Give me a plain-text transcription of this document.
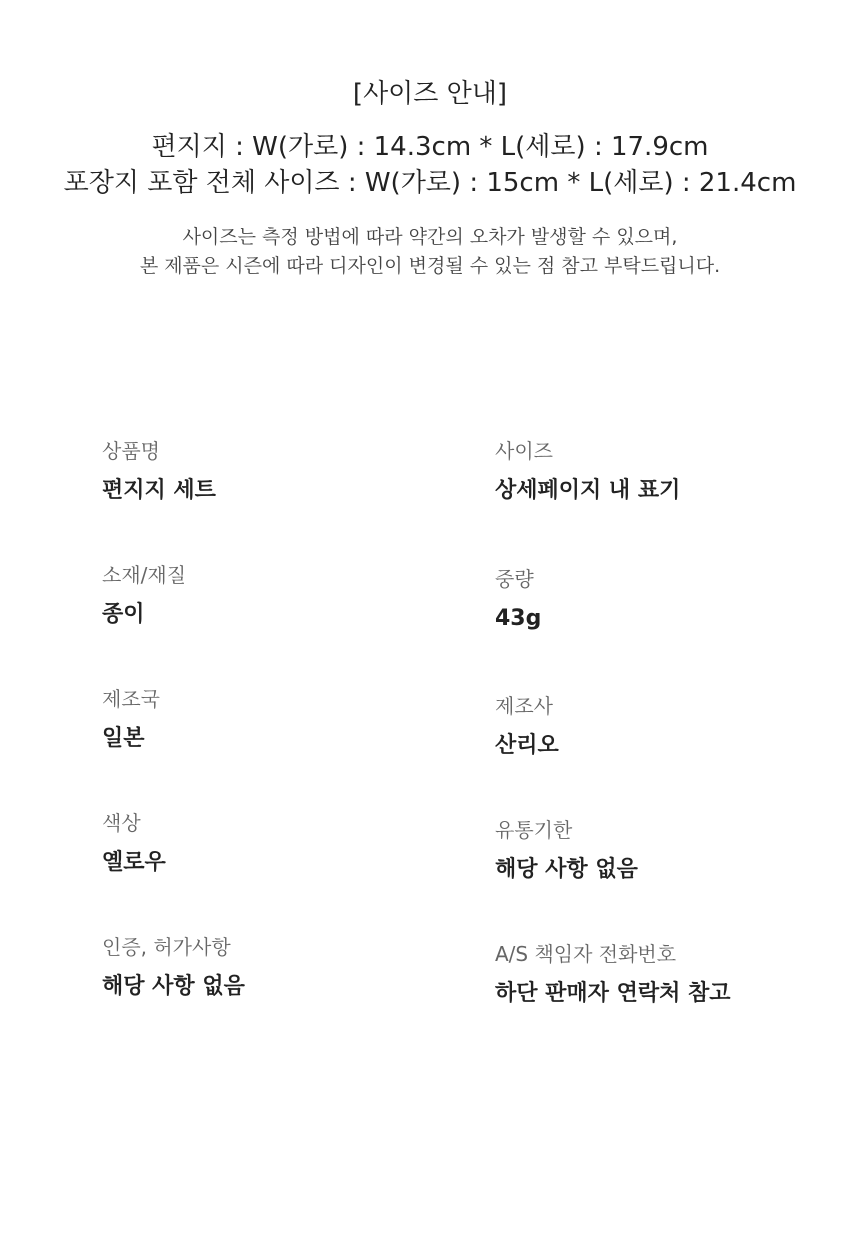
[사이즈 안내]
편지지 : W(가로) : 14.3cm * L(세로) : 17.9cm
포장지 포함 전체 사이즈 : W(가로) : 15cm * L(세로) : 21.4cm
사이즈는 측정 방법에 따라 약간의 오차가 발생할 수 있으며,
본 제품은 시즌에 따라 디자인이 변경될 수 있는 점 참고 부탁드립니다.
상품명
편지지 세트
소재/재질
종이
제조국
일본
색상
옐로우
인증, 허가사항
해당 사항 없음
사이즈
상세페이지 내 표기
중량
43g
제조사
산리오
유통기한
해당 사항 없음
A/S 책임자 전화번호
하단 판매자 연락처 참고
